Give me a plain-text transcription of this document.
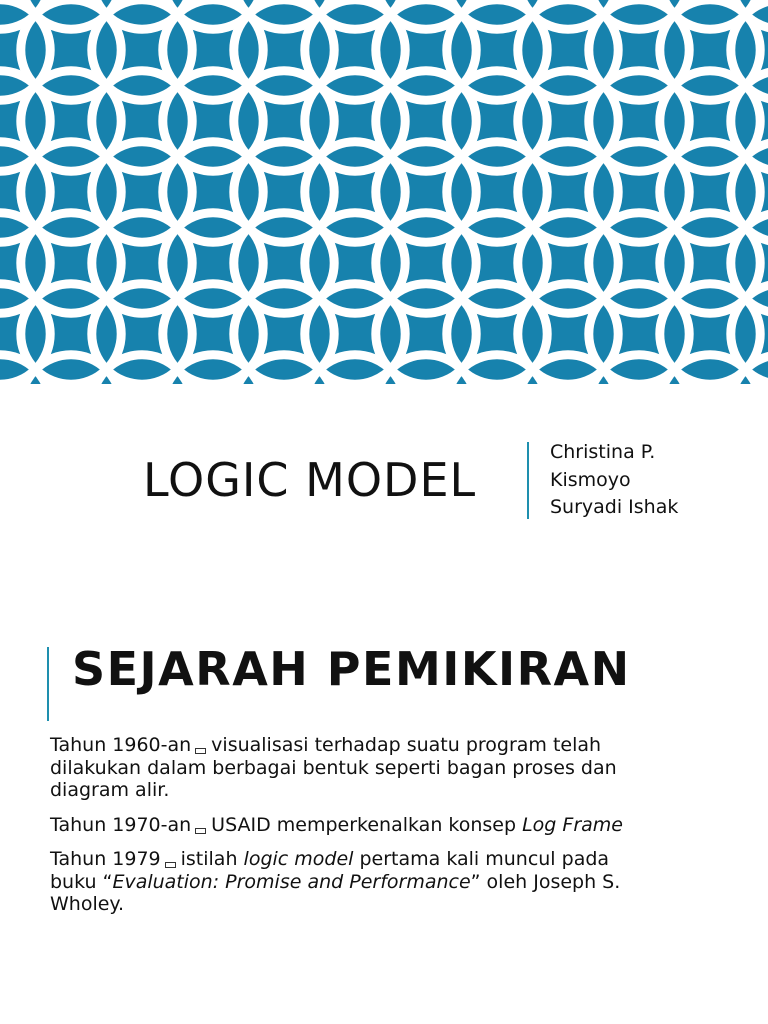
LOGIC MODEL
Christina P.
Kismoyo
Suryadi Ishak
SEJARAH PEMIKIRAN

Tahun 1960-an visualisasi terhadap suatu program telah
dilakukan dalam berbagai bentuk seperti bagan proses dan
diagram alir.

Tahun 1970-an USAID memperkenalkan konsep Log Frame

Tahun 1979 istilah logic model pertama kali muncul pada
buku “Evaluation: Promise and Performance” oleh Joseph S.
Wholey.
